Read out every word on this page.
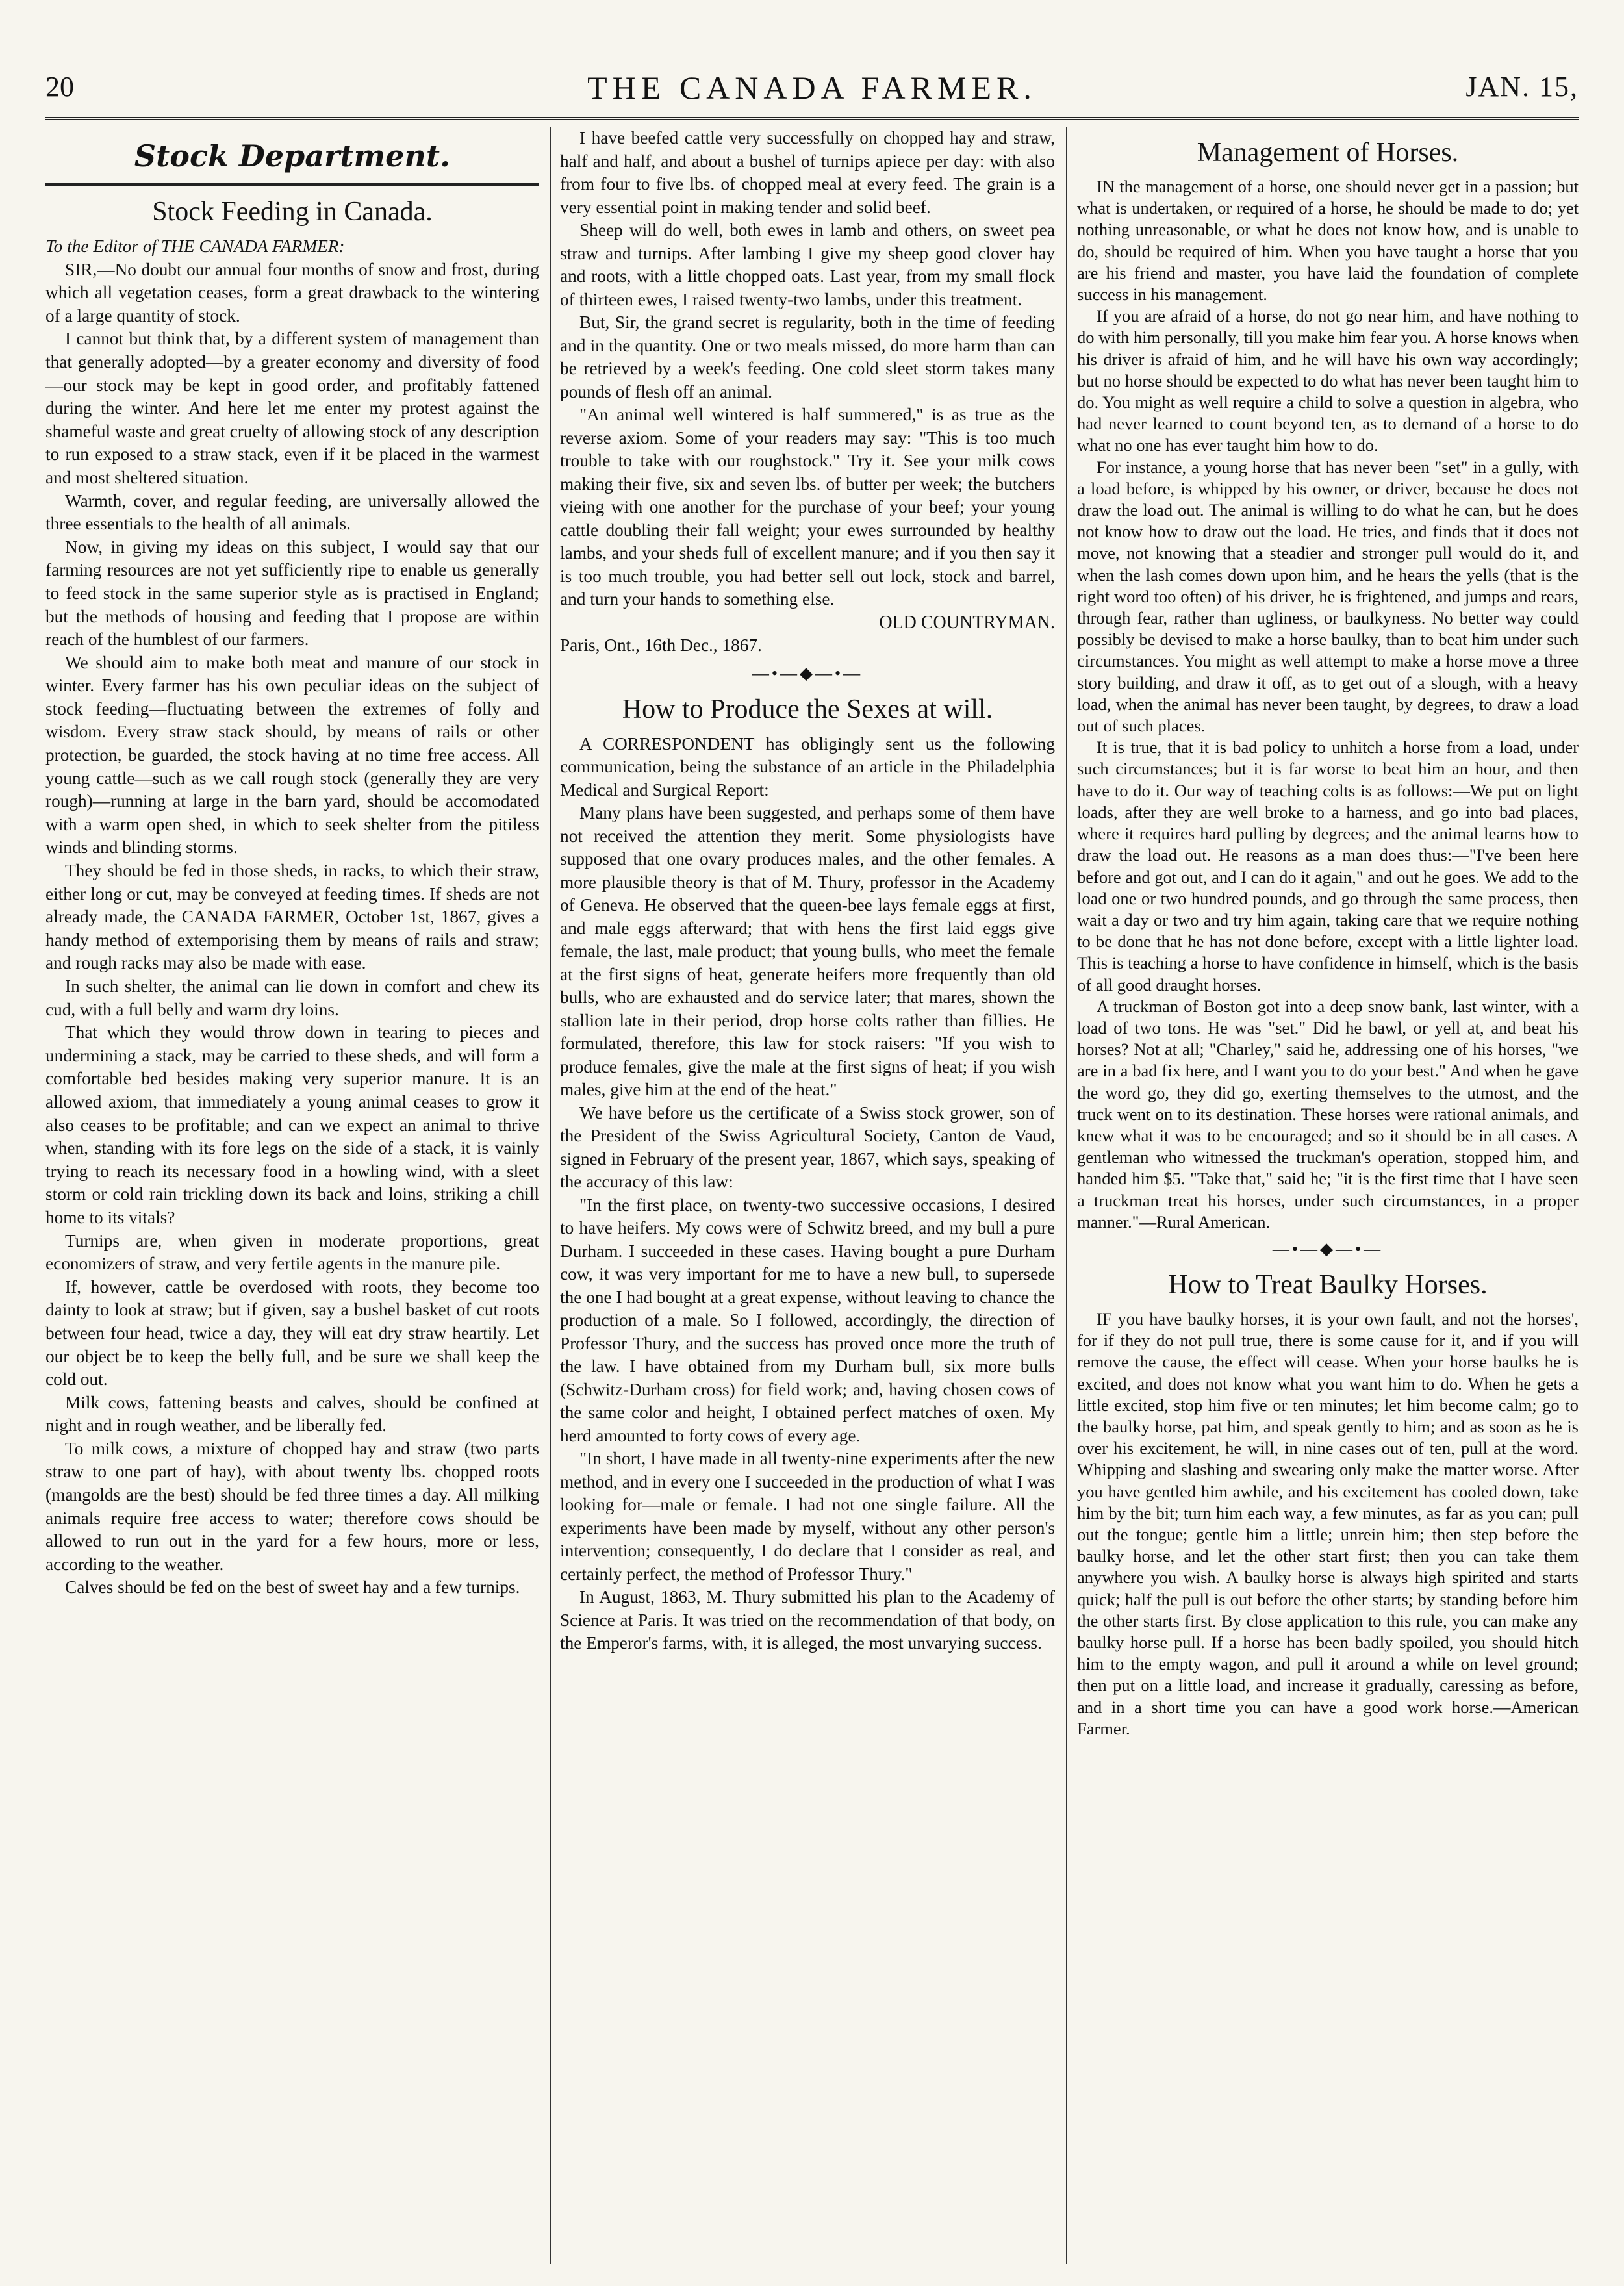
20	THE CANADA FARMER.	JAN. 15,
Stock Department.
Stock Feeding in Canada.

To the Editor of THE CANADA FARMER:

SIR,—No doubt our annual four months of snow and frost, during which all vegetation ceases, form a great drawback to the wintering of a large quantity of stock.

I cannot but think that, by a different system of management than that generally adopted—by a greater economy and diversity of food—our stock may be kept in good order, and profitably fattened during the winter. And here let me enter my protest against the shameful waste and great cruelty of allowing stock of any description to run exposed to a straw stack, even if it be placed in the warmest and most sheltered situation.

Warmth, cover, and regular feeding, are universally allowed the three essentials to the health of all animals.

Now, in giving my ideas on this subject, I would say that our farming resources are not yet sufficiently ripe to enable us generally to feed stock in the same superior style as is practised in England; but the methods of housing and feeding that I propose are within reach of the humblest of our farmers.

We should aim to make both meat and manure of our stock in winter. Every farmer has his own peculiar ideas on the subject of stock feeding—fluctuating between the extremes of folly and wisdom. Every straw stack should, by means of rails or other protection, be guarded, the stock having at no time free access. All young cattle—such as we call rough stock (generally they are very rough)—running at large in the barn yard, should be accomodated with a warm open shed, in which to seek shelter from the pitiless winds and blinding storms.

They should be fed in those sheds, in racks, to which their straw, either long or cut, may be conveyed at feeding times. If sheds are not already made, the CANADA FARMER, October 1st, 1867, gives a handy method of extemporising them by means of rails and straw; and rough racks may also be made with ease.

In such shelter, the animal can lie down in comfort and chew its cud, with a full belly and warm dry loins.

That which they would throw down in tearing to pieces and undermining a stack, may be carried to these sheds, and will form a comfortable bed besides making very superior manure. It is an allowed axiom, that immediately a young animal ceases to grow it also ceases to be profitable; and can we expect an animal to thrive when, standing with its fore legs on the side of a stack, it is vainly trying to reach its necessary food in a howling wind, with a sleet storm or cold rain trickling down its back and loins, striking a chill home to its vitals?

Turnips are, when given in moderate proportions, great economizers of straw, and very fertile agents in the manure pile.

If, however, cattle be overdosed with roots, they become too dainty to look at straw; but if given, say a bushel basket of cut roots between four head, twice a day, they will eat dry straw heartily. Let our object be to keep the belly full, and be sure we shall keep the cold out.

Milk cows, fattening beasts and calves, should be confined at night and in rough weather, and be liberally fed.

To milk cows, a mixture of chopped hay and straw (two parts straw to one part of hay), with about twenty lbs. chopped roots (mangolds are the best) should be fed three times a day. All milking animals require free access to water; therefore cows should be allowed to run out in the yard for a few hours, more or less, according to the weather.

Calves should be fed on the best of sweet hay and a few turnips.

I have beefed cattle very successfully on chopped hay and straw, half and half, and about a bushel of turnips apiece per day: with also from four to five lbs. of chopped meal at every feed. The grain is a very essential point in making tender and solid beef.

Sheep will do well, both ewes in lamb and others, on sweet pea straw and turnips. After lambing I give my sheep good clover hay and roots, with a little chopped oats. Last year, from my small flock of thirteen ewes, I raised twenty-two lambs, under this treatment.

But, Sir, the grand secret is regularity, both in the time of feeding and in the quantity. One or two meals missed, do more harm than can be retrieved by a week's feeding. One cold sleet storm takes many pounds of flesh off an animal.

"An animal well wintered is half summered," is as true as the reverse axiom. Some of your readers may say: "This is too much trouble to take with our roughstock." Try it. See your milk cows making their five, six and seven lbs. of butter per week; the butchers vieing with one another for the purchase of your beef; your young cattle doubling their fall weight; your ewes surrounded by healthy lambs, and your sheds full of excellent manure; and if you then say it is too much trouble, you had better sell out lock, stock and barrel, and turn your hands to something else.

OLD COUNTRYMAN.

Paris, Ont., 16th Dec., 1867.

—•—◆—•—
How to Produce the Sexes at will.

A CORRESPONDENT has obligingly sent us the following communication, being the substance of an article in the Philadelphia Medical and Surgical Report:

Many plans have been suggested, and perhaps some of them have not received the attention they merit. Some physiologists have supposed that one ovary produces males, and the other females. A more plausible theory is that of M. Thury, professor in the Academy of Geneva. He observed that the queen-bee lays female eggs at first, and male eggs afterward; that with hens the first laid eggs give female, the last, male product; that young bulls, who meet the female at the first signs of heat, generate heifers more frequently than old bulls, who are exhausted and do service later; that mares, shown the stallion late in their period, drop horse colts rather than fillies. He formulated, therefore, this law for stock raisers: "If you wish to produce females, give the male at the first signs of heat; if you wish males, give him at the end of the heat."

We have before us the certificate of a Swiss stock grower, son of the President of the Swiss Agricultural Society, Canton de Vaud, signed in February of the present year, 1867, which says, speaking of the accuracy of this law:

"In the first place, on twenty-two successive occasions, I desired to have heifers. My cows were of Schwitz breed, and my bull a pure Durham. I succeeded in these cases. Having bought a pure Durham cow, it was very important for me to have a new bull, to supersede the one I had bought at a great expense, without leaving to chance the production of a male. So I followed, accordingly, the direction of Professor Thury, and the success has proved once more the truth of the law. I have obtained from my Durham bull, six more bulls (Schwitz-Durham cross) for field work; and, having chosen cows of the same color and height, I obtained perfect matches of oxen. My herd amounted to forty cows of every age.

"In short, I have made in all twenty-nine experiments after the new method, and in every one I succeeded in the production of what I was looking for—male or female. I had not one single failure. All the experiments have been made by myself, without any other person's intervention; consequently, I do declare that I consider as real, and certainly perfect, the method of Professor Thury."

In August, 1863, M. Thury submitted his plan to the Academy of Science at Paris. It was tried on the recommendation of that body, on the Emperor's farms, with, it is alleged, the most unvarying success.

Management of Horses.

IN the management of a horse, one should never get in a passion; but what is undertaken, or required of a horse, he should be made to do; yet nothing unreasonable, or what he does not know how, and is unable to do, should be required of him. When you have taught a horse that you are his friend and master, you have laid the foundation of complete success in his management.

If you are afraid of a horse, do not go near him, and have nothing to do with him personally, till you make him fear you. A horse knows when his driver is afraid of him, and he will have his own way accordingly; but no horse should be expected to do what has never been taught him to do. You might as well require a child to solve a question in algebra, who had never learned to count beyond ten, as to demand of a horse to do what no one has ever taught him how to do.

For instance, a young horse that has never been "set" in a gully, with a load before, is whipped by his owner, or driver, because he does not draw the load out. The animal is willing to do what he can, but he does not know how to draw out the load. He tries, and finds that it does not move, not knowing that a steadier and stronger pull would do it, and when the lash comes down upon him, and he hears the yells (that is the right word too often) of his driver, he is frightened, and jumps and rears, through fear, rather than ugliness, or baulkyness. No better way could possibly be devised to make a horse baulky, than to beat him under such circumstances. You might as well attempt to make a horse move a three story building, and draw it off, as to get out of a slough, with a heavy load, when the animal has never been taught, by degrees, to draw a load out of such places.

It is true, that it is bad policy to unhitch a horse from a load, under such circumstances; but it is far worse to beat him an hour, and then have to do it. Our way of teaching colts is as follows:—We put on light loads, after they are well broke to a harness, and go into bad places, where it requires hard pulling by degrees; and the animal learns how to draw the load out. He reasons as a man does thus:—"I've been here before and got out, and I can do it again," and out he goes. We add to the load one or two hundred pounds, and go through the same process, then wait a day or two and try him again, taking care that we require nothing to be done that he has not done before, except with a little lighter load. This is teaching a horse to have confidence in himself, which is the basis of all good draught horses.

A truckman of Boston got into a deep snow bank, last winter, with a load of two tons. He was "set." Did he bawl, or yell at, and beat his horses? Not at all; "Charley," said he, addressing one of his horses, "we are in a bad fix here, and I want you to do your best." And when he gave the word go, they did go, exerting themselves to the utmost, and the truck went on to its destination. These horses were rational animals, and knew what it was to be encouraged; and so it should be in all cases. A gentleman who witnessed the truckman's operation, stopped him, and handed him $5. "Take that," said he; "it is the first time that I have seen a truckman treat his horses, under such circumstances, in a proper manner."—Rural American.

—•—◆—•—
How to Treat Baulky Horses.

IF you have baulky horses, it is your own fault, and not the horses', for if they do not pull true, there is some cause for it, and if you will remove the cause, the effect will cease. When your horse baulks he is excited, and does not know what you want him to do. When he gets a little excited, stop him five or ten minutes; let him become calm; go to the baulky horse, pat him, and speak gently to him; and as soon as he is over his excitement, he will, in nine cases out of ten, pull at the word. Whipping and slashing and swearing only make the matter worse. After you have gentled him awhile, and his excitement has cooled down, take him by the bit; turn him each way, a few minutes, as far as you can; pull out the tongue; gentle him a little; unrein him; then step before the baulky horse, and let the other start first; then you can take them anywhere you wish. A baulky horse is always high spirited and starts quick; half the pull is out before the other starts; by standing before him the other starts first. By close application to this rule, you can make any baulky horse pull. If a horse has been badly spoiled, you should hitch him to the empty wagon, and pull it around a while on level ground; then put on a little load, and increase it gradually, caressing as before, and in a short time you can have a good work horse.—American Farmer.
